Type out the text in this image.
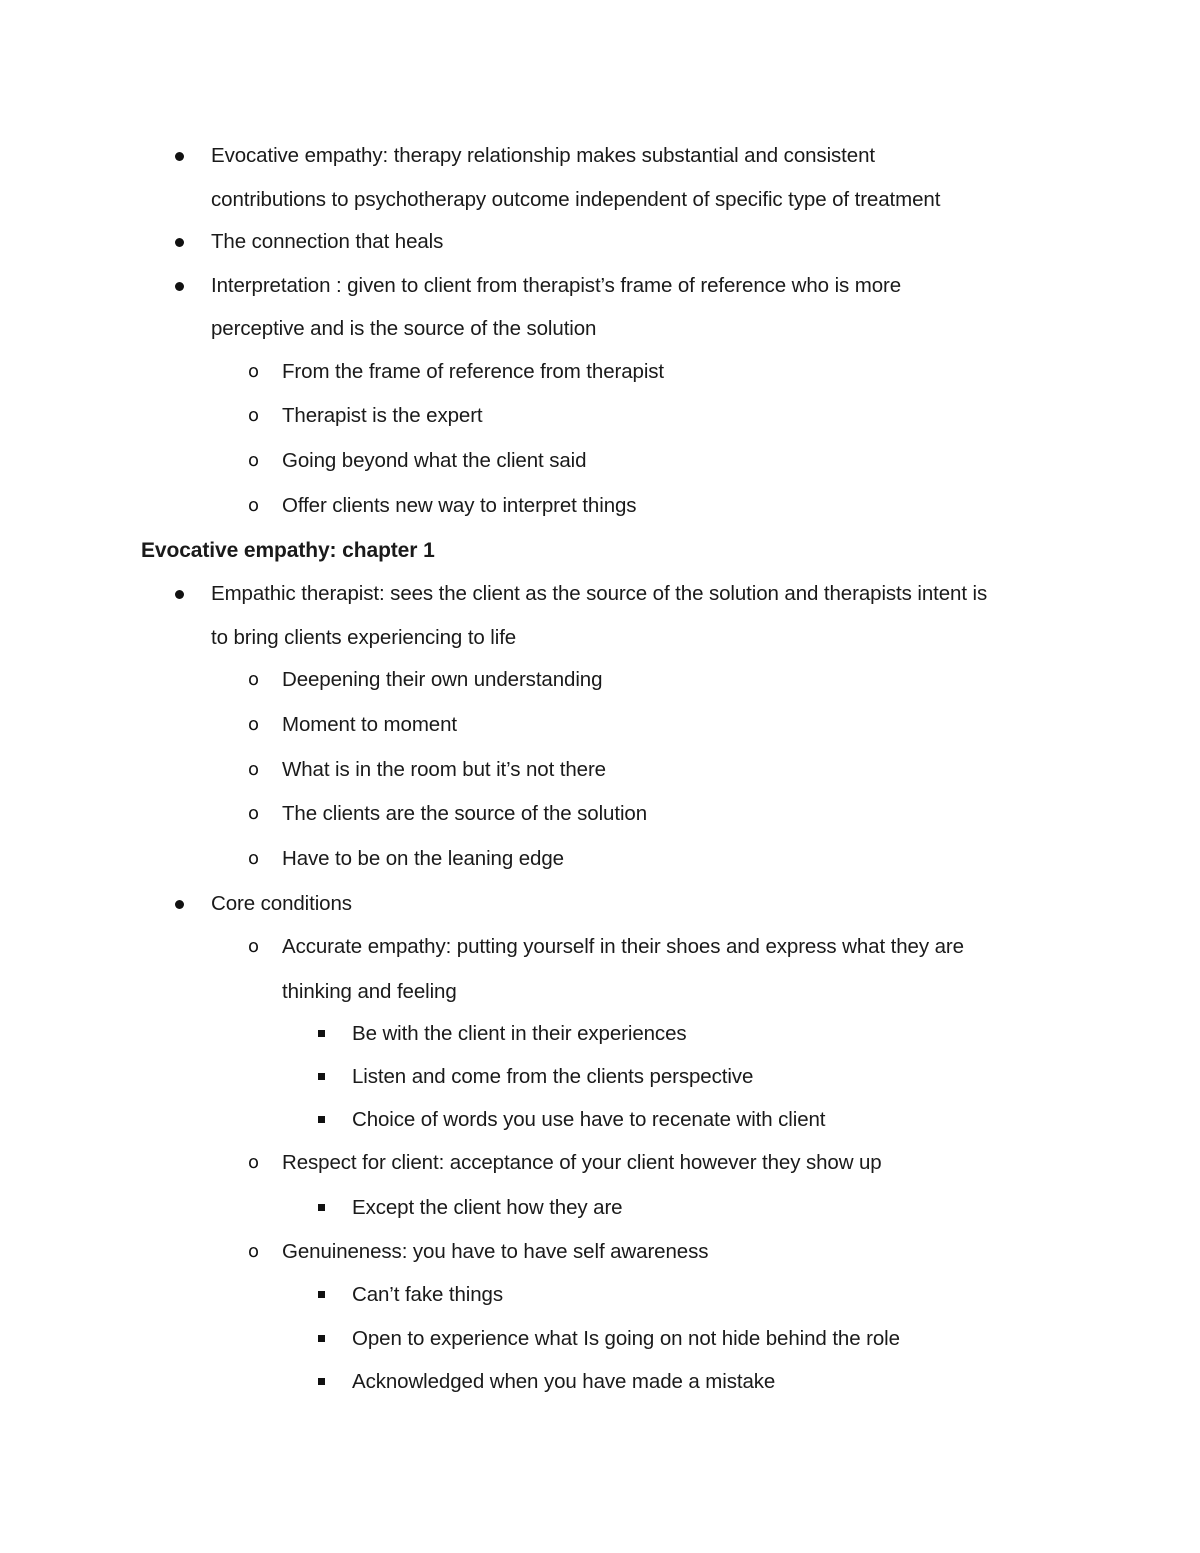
Evocative empathy: therapy relationship makes substantial and consistent
contributions to psychotherapy outcome independent of specific type of treatment
The connection that heals
Interpretation : given to client from therapist’s frame of reference who is more
perceptive and is the source of the solution
o From the frame of reference from therapist
o Therapist is the expert
o Going beyond what the client said
o Offer clients new way to interpret things
Evocative empathy: chapter 1
Empathic therapist: sees the client as the source of the solution and therapists intent is
to bring clients experiencing to life
o Deepening their own understanding
o Moment to moment
o What is in the room but it’s not there
o The clients are the source of the solution
o Have to be on the leaning edge
Core conditions
o Accurate empathy: putting yourself in their shoes and express what they are
thinking and feeling
Be with the client in their experiences
Listen and come from the clients perspective
Choice of words you use have to recenate with client
o Respect for client: acceptance of your client however they show up
Except the client how they are
o Genuineness: you have to have self awareness
Can’t fake things
Open to experience what Is going on not hide behind the role
Acknowledged when you have made a mistake
